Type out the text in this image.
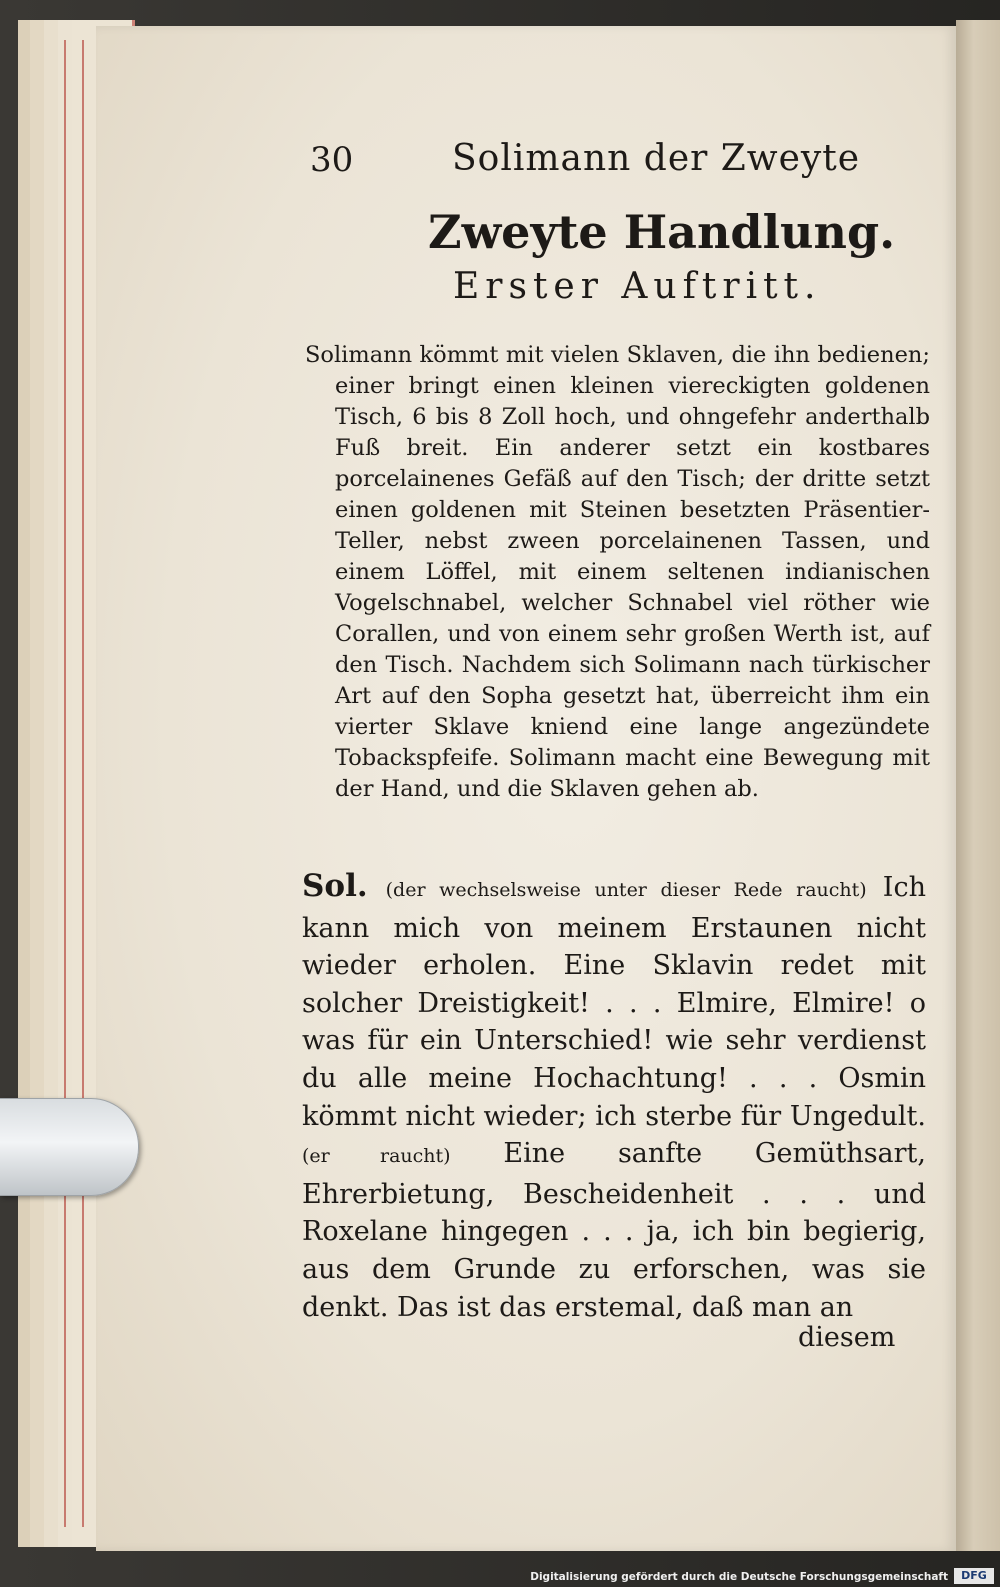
30	Solimann der Zweyte
Zweyte Handlung.
Erster Auftritt.
Solimann kömmt mit vielen Sklaven, die ihn bedienen; einer bringt einen kleinen viereckigten goldenen Tisch, 6 bis 8 Zoll hoch, und ohngefehr anderthalb Fuß breit. Ein anderer setzt ein kostbares porcelainenes Gefäß auf den Tisch; der dritte setzt einen goldenen mit Steinen besetzten Präsentier-Teller, nebst zween porcelainenen Tassen, und einem Löffel, mit einem seltenen indianischen Vogelschnabel, welcher Schnabel viel röther wie Corallen, und von einem sehr großen Werth ist, auf den Tisch. Nachdem sich Solimann nach türkischer Art auf den Sopha gesetzt hat, überreicht ihm ein vierter Sklave kniend eine lange angezündete Tobackspfeife. Solimann macht eine Bewegung mit der Hand, und die Sklaven gehen ab.
Sol. (der wechselsweise unter dieser Rede raucht) Ich kann mich von meinem Erstaunen nicht wieder erholen. Eine Sklavin redet mit solcher Dreistigkeit! . . . Elmire, Elmire! o was für ein Unterschied! wie sehr verdienst du alle meine Hochachtung! . . . Osmin kömmt nicht wieder; ich sterbe für Ungedult. (er raucht) Eine sanfte Gemüthsart, Ehrerbietung, Bescheidenheit . . . und Roxelane hingegen . . . ja, ich bin begierig, aus dem Grunde zu erforschen, was sie denkt. Das ist das erstemal, daß man an
diesem
Digitalisierung gefördert durch die Deutsche Forschungsgemeinschaft	DFG
